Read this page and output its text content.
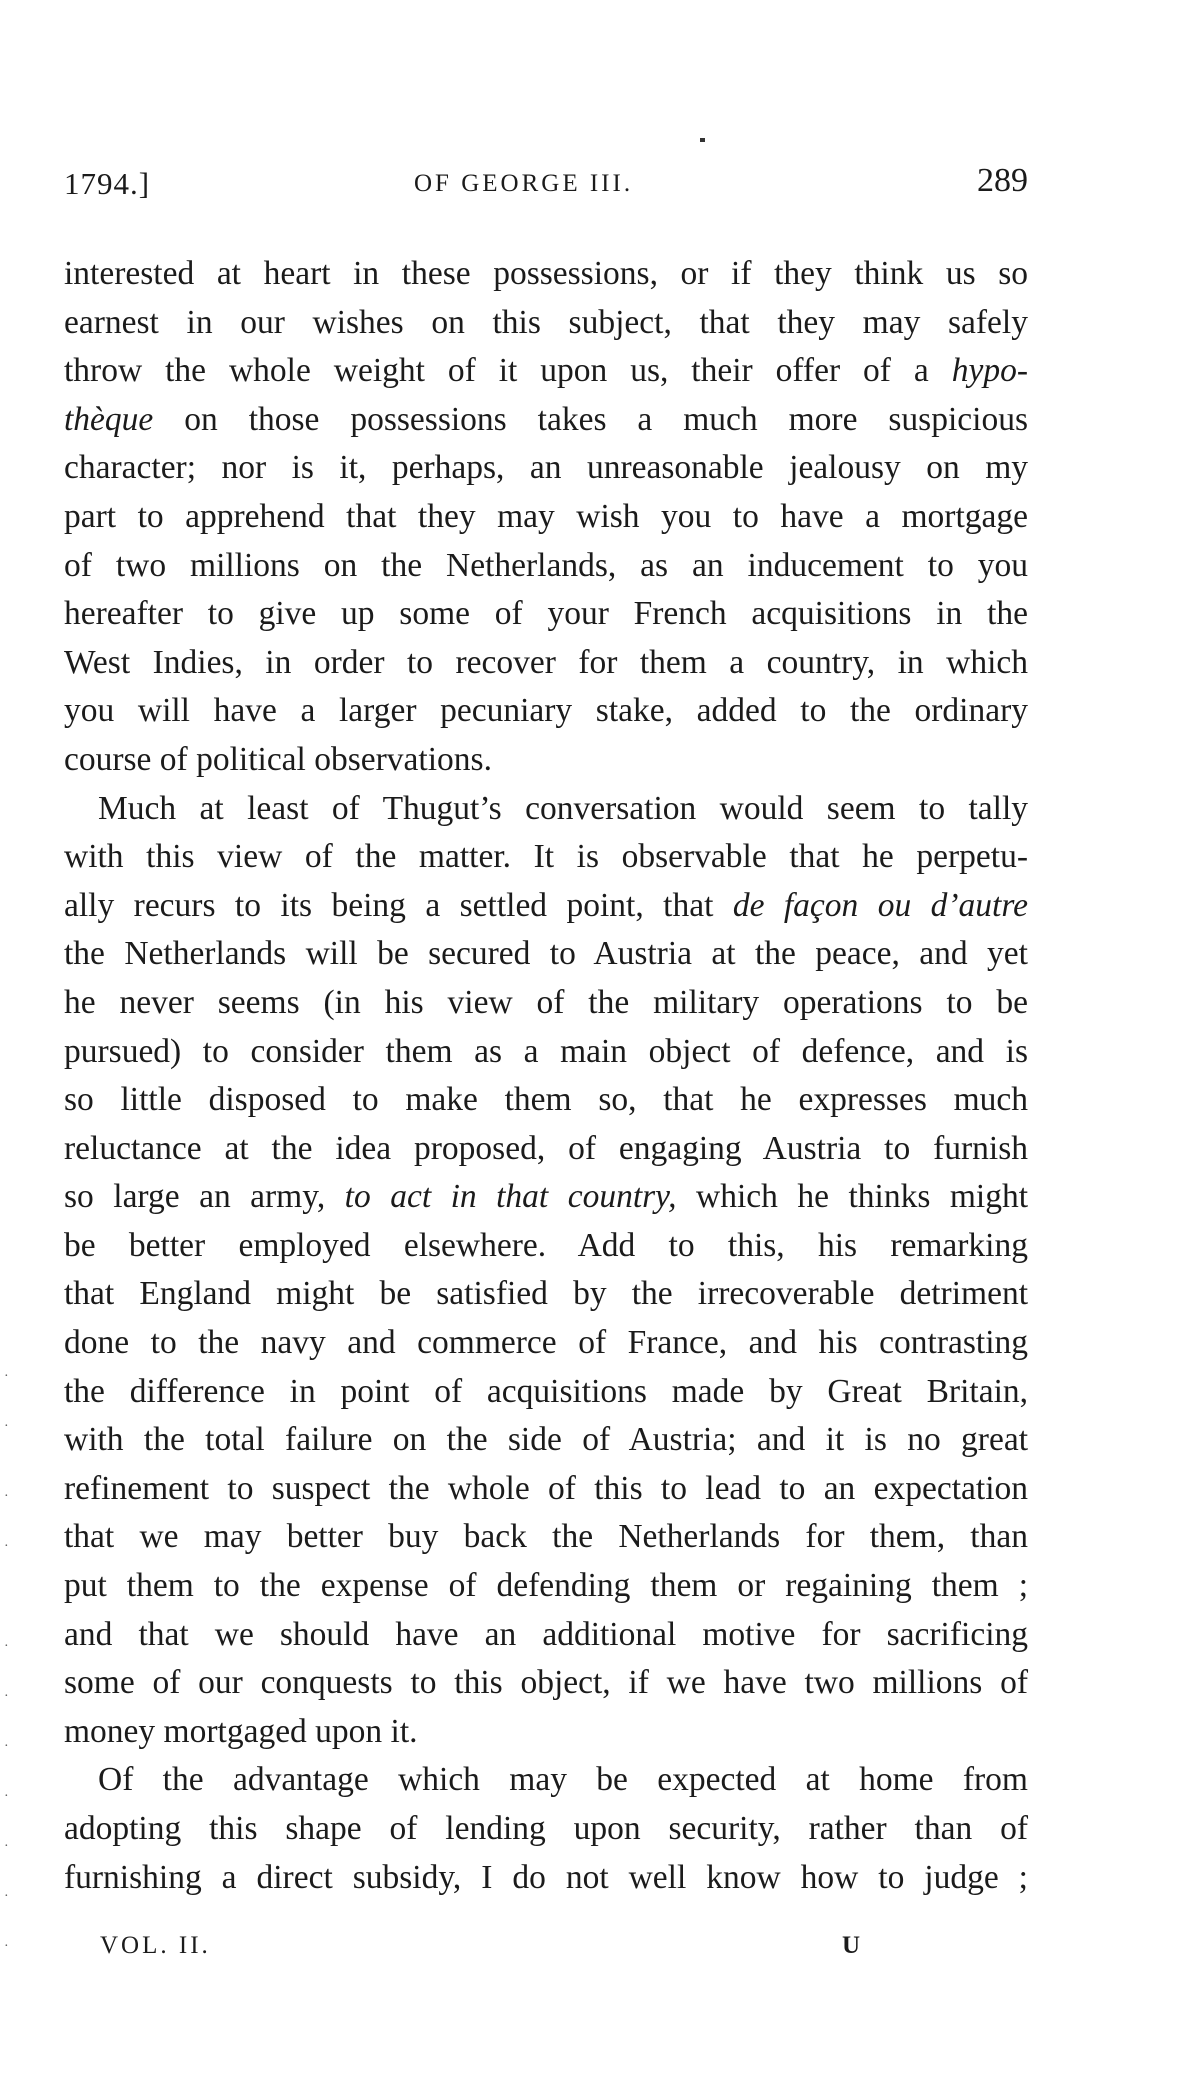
1794.]	OF GEORGE III.	289
interested at heart in these possessions, or if they think us so
earnest in our wishes on this subject, that they may safely
throw the whole weight of it upon us, their offer of a hypo-
thèque on those possessions takes a much more suspicious
character; nor is it, perhaps, an unreasonable jealousy on my
part to apprehend that they may wish you to have a mortgage
of two millions on the Netherlands, as an inducement to you
hereafter to give up some of your French acquisitions in the
West Indies, in order to recover for them a country, in which
you will have a larger pecuniary stake, added to the ordinary
course of political observations.
Much at least of Thugut’s conversation would seem to tally
with this view of the matter. It is observable that he perpetu-
ally recurs to its being a settled point, that de façon ou d’autre
the Netherlands will be secured to Austria at the peace, and yet
he never seems (in his view of the military operations to be
pursued) to consider them as a main object of defence, and is
so little disposed to make them so, that he expresses much
reluctance at the idea proposed, of engaging Austria to furnish
so large an army, to act in that country, which he thinks might
be better employed elsewhere. Add to this, his remarking
that England might be satisfied by the irrecoverable detriment
done to the navy and commerce of France, and his contrasting
the difference in point of acquisitions made by Great Britain,
with the total failure on the side of Austria; and it is no great
refinement to suspect the whole of this to lead to an expectation
that we may better buy back the Netherlands for them, than
put them to the expense of defending them or regaining them ;
and that we should have an additional motive for sacrificing
some of our conquests to this object, if we have two millions of
money mortgaged upon it.
Of the advantage which may be expected at home from
adopting this shape of lending upon security, rather than of
furnishing a direct subsidy, I do not well know how to judge ;
VOL. II.	U
·
·
·
·
·
·
·
·
·
·
·
